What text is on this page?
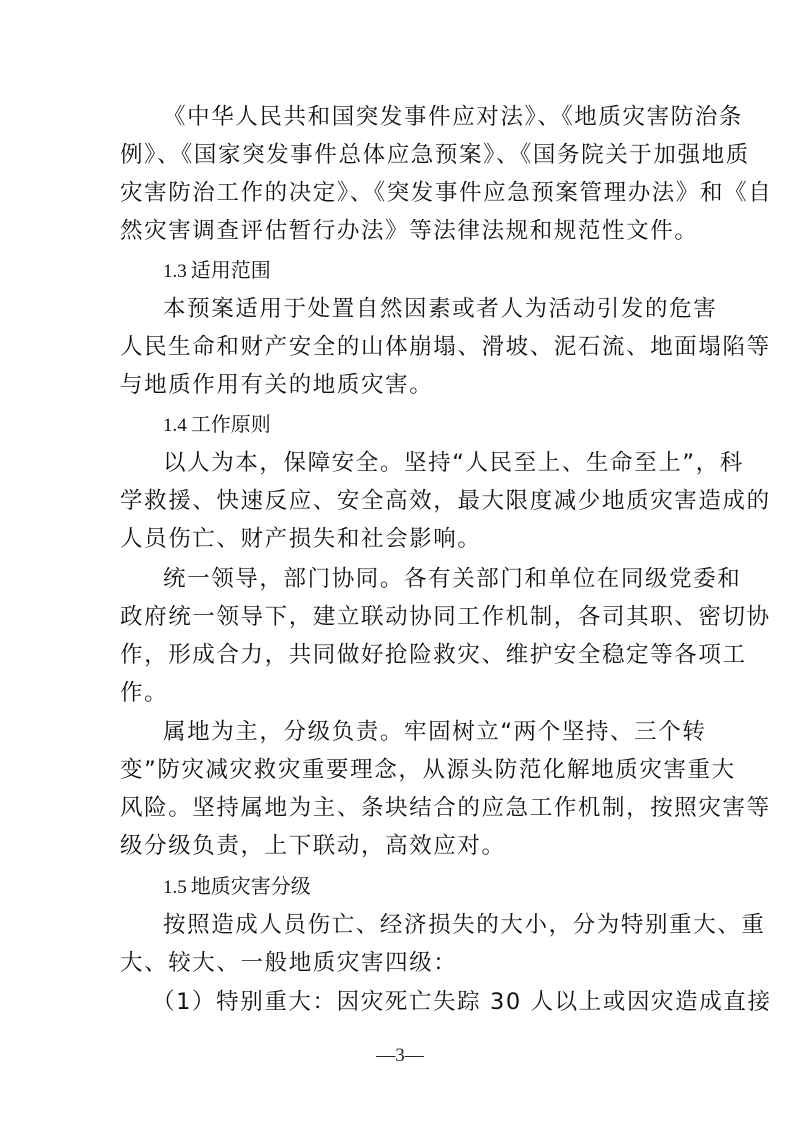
《中华人民共和国突发事件应对法》、《地质灾害防治条
例》、《国家突发事件总体应急预案》、《国务院关于加强地质
灾害防治工作的决定》、《突发事件应急预案管理办法》和《自
然灾害调查评估暂行办法》等法律法规和规范性文件。
1.3 适用范围
本预案适用于处置自然因素或者人为活动引发的危害
人民生命和财产安全的山体崩塌、滑坡、泥石流、地面塌陷等
与地质作用有关的地质灾害。
1.4 工作原则
以人为本，保障安全。坚持“人民至上、生命至上”，科
学救援、快速反应、安全高效，最大限度减少地质灾害造成的
人员伤亡、财产损失和社会影响。
统一领导，部门协同。各有关部门和单位在同级党委和
政府统一领导下，建立联动协同工作机制，各司其职、密切协
作，形成合力，共同做好抢险救灾、维护安全稳定等各项工
作。
属地为主，分级负责。牢固树立“两个坚持、三个转
变”防灾减灾救灾重要理念，从源头防范化解地质灾害重大
风险。坚持属地为主、条块结合的应急工作机制，按照灾害等
级分级负责，上下联动，高效应对。
1.5 地质灾害分级
按照造成人员伤亡、经济损失的大小，分为特别重大、重
大、较大、一般地质灾害四级：
（1）特别重大：因灾死亡失踪 30 人以上或因灾造成直接
—3—
